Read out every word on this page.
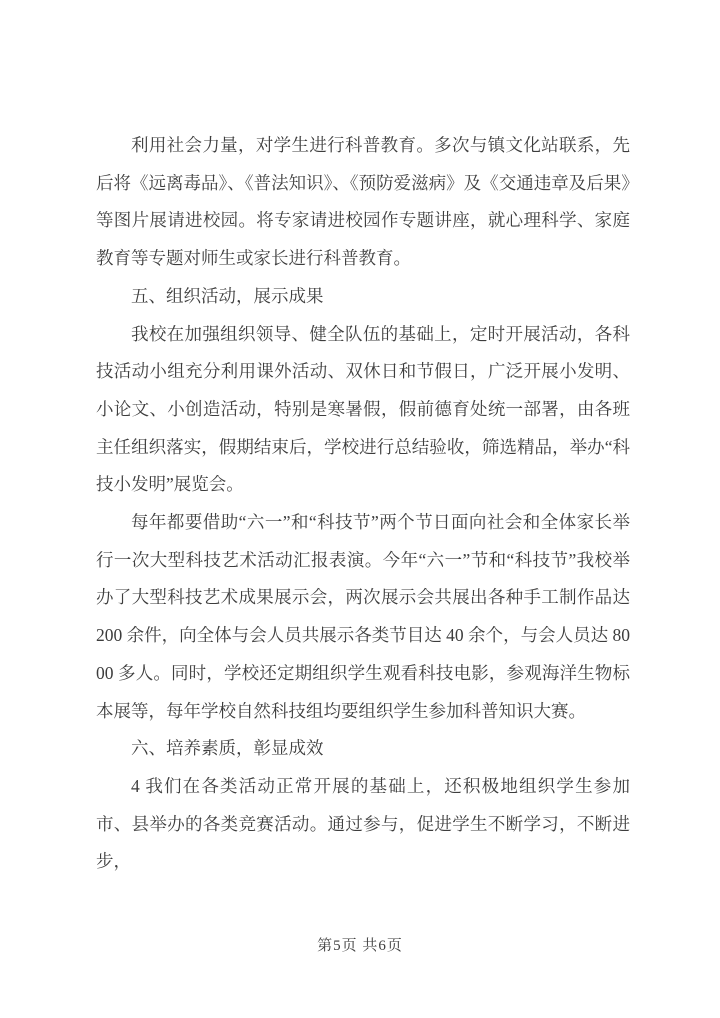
利用社会力量，对学生进行科普教育。多次与镇文化站联系，先后将《远离毒品》、《普法知识》、《预防爱滋病》及《交通违章及后果》等图片展请进校园。将专家请进校园作专题讲座，就心理科学、家庭教育等专题对师生或家长进行科普教育。

五、组织活动，展示成果

我校在加强组织领导、健全队伍的基础上，定时开展活动，各科技活动小组充分利用课外活动、双休日和节假日，广泛开展小发明、小论文、小创造活动，特别是寒暑假，假前德育处统一部署，由各班主任组织落实，假期结束后，学校进行总结验收，筛选精品，举办“科技小发明”展览会。

每年都要借助“六一”和“科技节”两个节日面向社会和全体家长举行一次大型科技艺术活动汇报表演。今年“六一”节和“科技节”我校举办了大型科技艺术成果展示会，两次展示会共展出各种手工制作品达 200 余件，向全体与会人员共展示各类节目达 40 余个，与会人员达 8000 多人。同时，学校还定期组织学生观看科技电影，参观海洋生物标本展等，每年学校自然科技组均要组织学生参加科普知识大赛。

六、培养素质，彰显成效

4 我们在各类活动正常开展的基础上，还积极地组织学生参加市、县举办的各类竞赛活动。通过参与，促进学生不断学习，不断进步，

第5页 共6页
